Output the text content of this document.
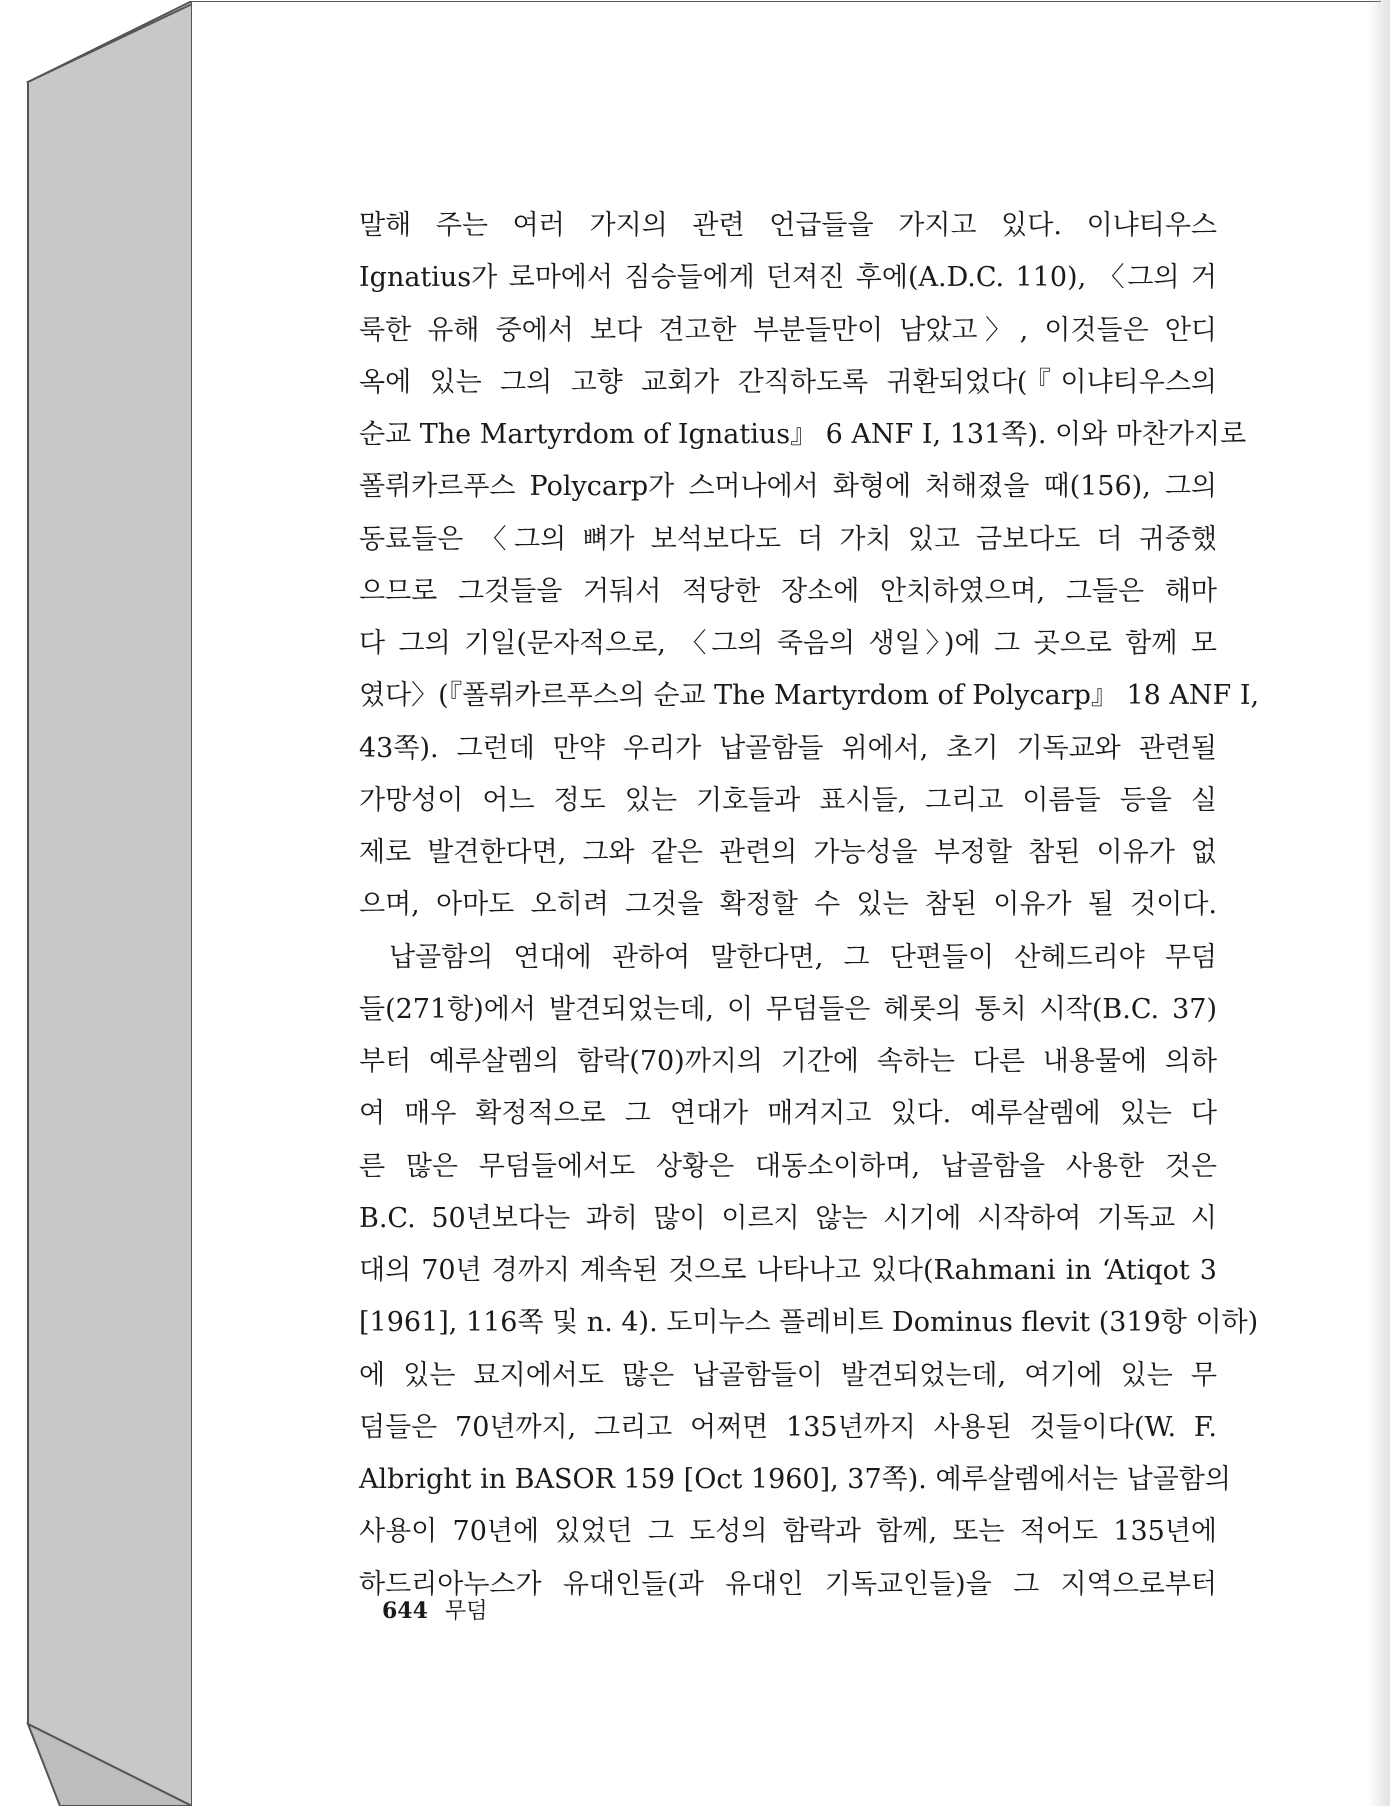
말해 주는 여러 가지의 관련 언급들을 가지고 있다. 이냐티우스
Ignatius가 로마에서 짐승들에게 던져진 후에(A.D.C. 110), 〈그의 거
룩한 유해 중에서 보다 견고한 부분들만이 남았고〉, 이것들은 안디
옥에 있는 그의 고향 교회가 간직하도록 귀환되었다(『이냐티우스의
순교 The Martyrdom of Ignatius』 6 ANF I, 131쪽). 이와 마찬가지로
폴뤼카르푸스 Polycarp가 스머나에서 화형에 처해졌을 때(156), 그의
동료들은 〈그의 뼈가 보석보다도 더 가치 있고 금보다도 더 귀중했
으므로 그것들을 거둬서 적당한 장소에 안치하였으며, 그들은 해마
다 그의 기일(문자적으로, 〈그의 죽음의 생일〉)에 그 곳으로 함께 모
였다〉(『폴뤼카르푸스의 순교 The Martyrdom of Polycarp』 18 ANF I,
43쪽). 그런데 만약 우리가 납골함들 위에서, 초기 기독교와 관련될
가망성이 어느 정도 있는 기호들과 표시들, 그리고 이름들 등을 실
제로 발견한다면, 그와 같은 관련의 가능성을 부정할 참된 이유가 없
으며, 아마도 오히려 그것을 확정할 수 있는 참된 이유가 될 것이다.
납골함의 연대에 관하여 말한다면, 그 단편들이 산헤드리야 무덤
들(271항)에서 발견되었는데, 이 무덤들은 헤롯의 통치 시작(B.C. 37)
부터 예루살렘의 함락(70)까지의 기간에 속하는 다른 내용물에 의하
여 매우 확정적으로 그 연대가 매겨지고 있다. 예루살렘에 있는 다
른 많은 무덤들에서도 상황은 대동소이하며, 납골함을 사용한 것은
B.C. 50년보다는 과히 많이 이르지 않는 시기에 시작하여 기독교 시
대의 70년 경까지 계속된 것으로 나타나고 있다(Rahmani in ‘Atiqot 3
[1961], 116쪽 및 n. 4). 도미누스 플레비트 Dominus flevit (319항 이하)
에 있는 묘지에서도 많은 납골함들이 발견되었는데, 여기에 있는 무
덤들은 70년까지, 그리고 어쩌면 135년까지 사용된 것들이다(W. F.
Albright in BASOR 159 [Oct 1960], 37쪽). 예루살렘에서는 납골함의
사용이 70년에 있었던 그 도성의 함락과 함께, 또는 적어도 135년에
하드리아누스가 유대인들(과 유대인 기독교인들)을 그 지역으로부터
644 무덤
